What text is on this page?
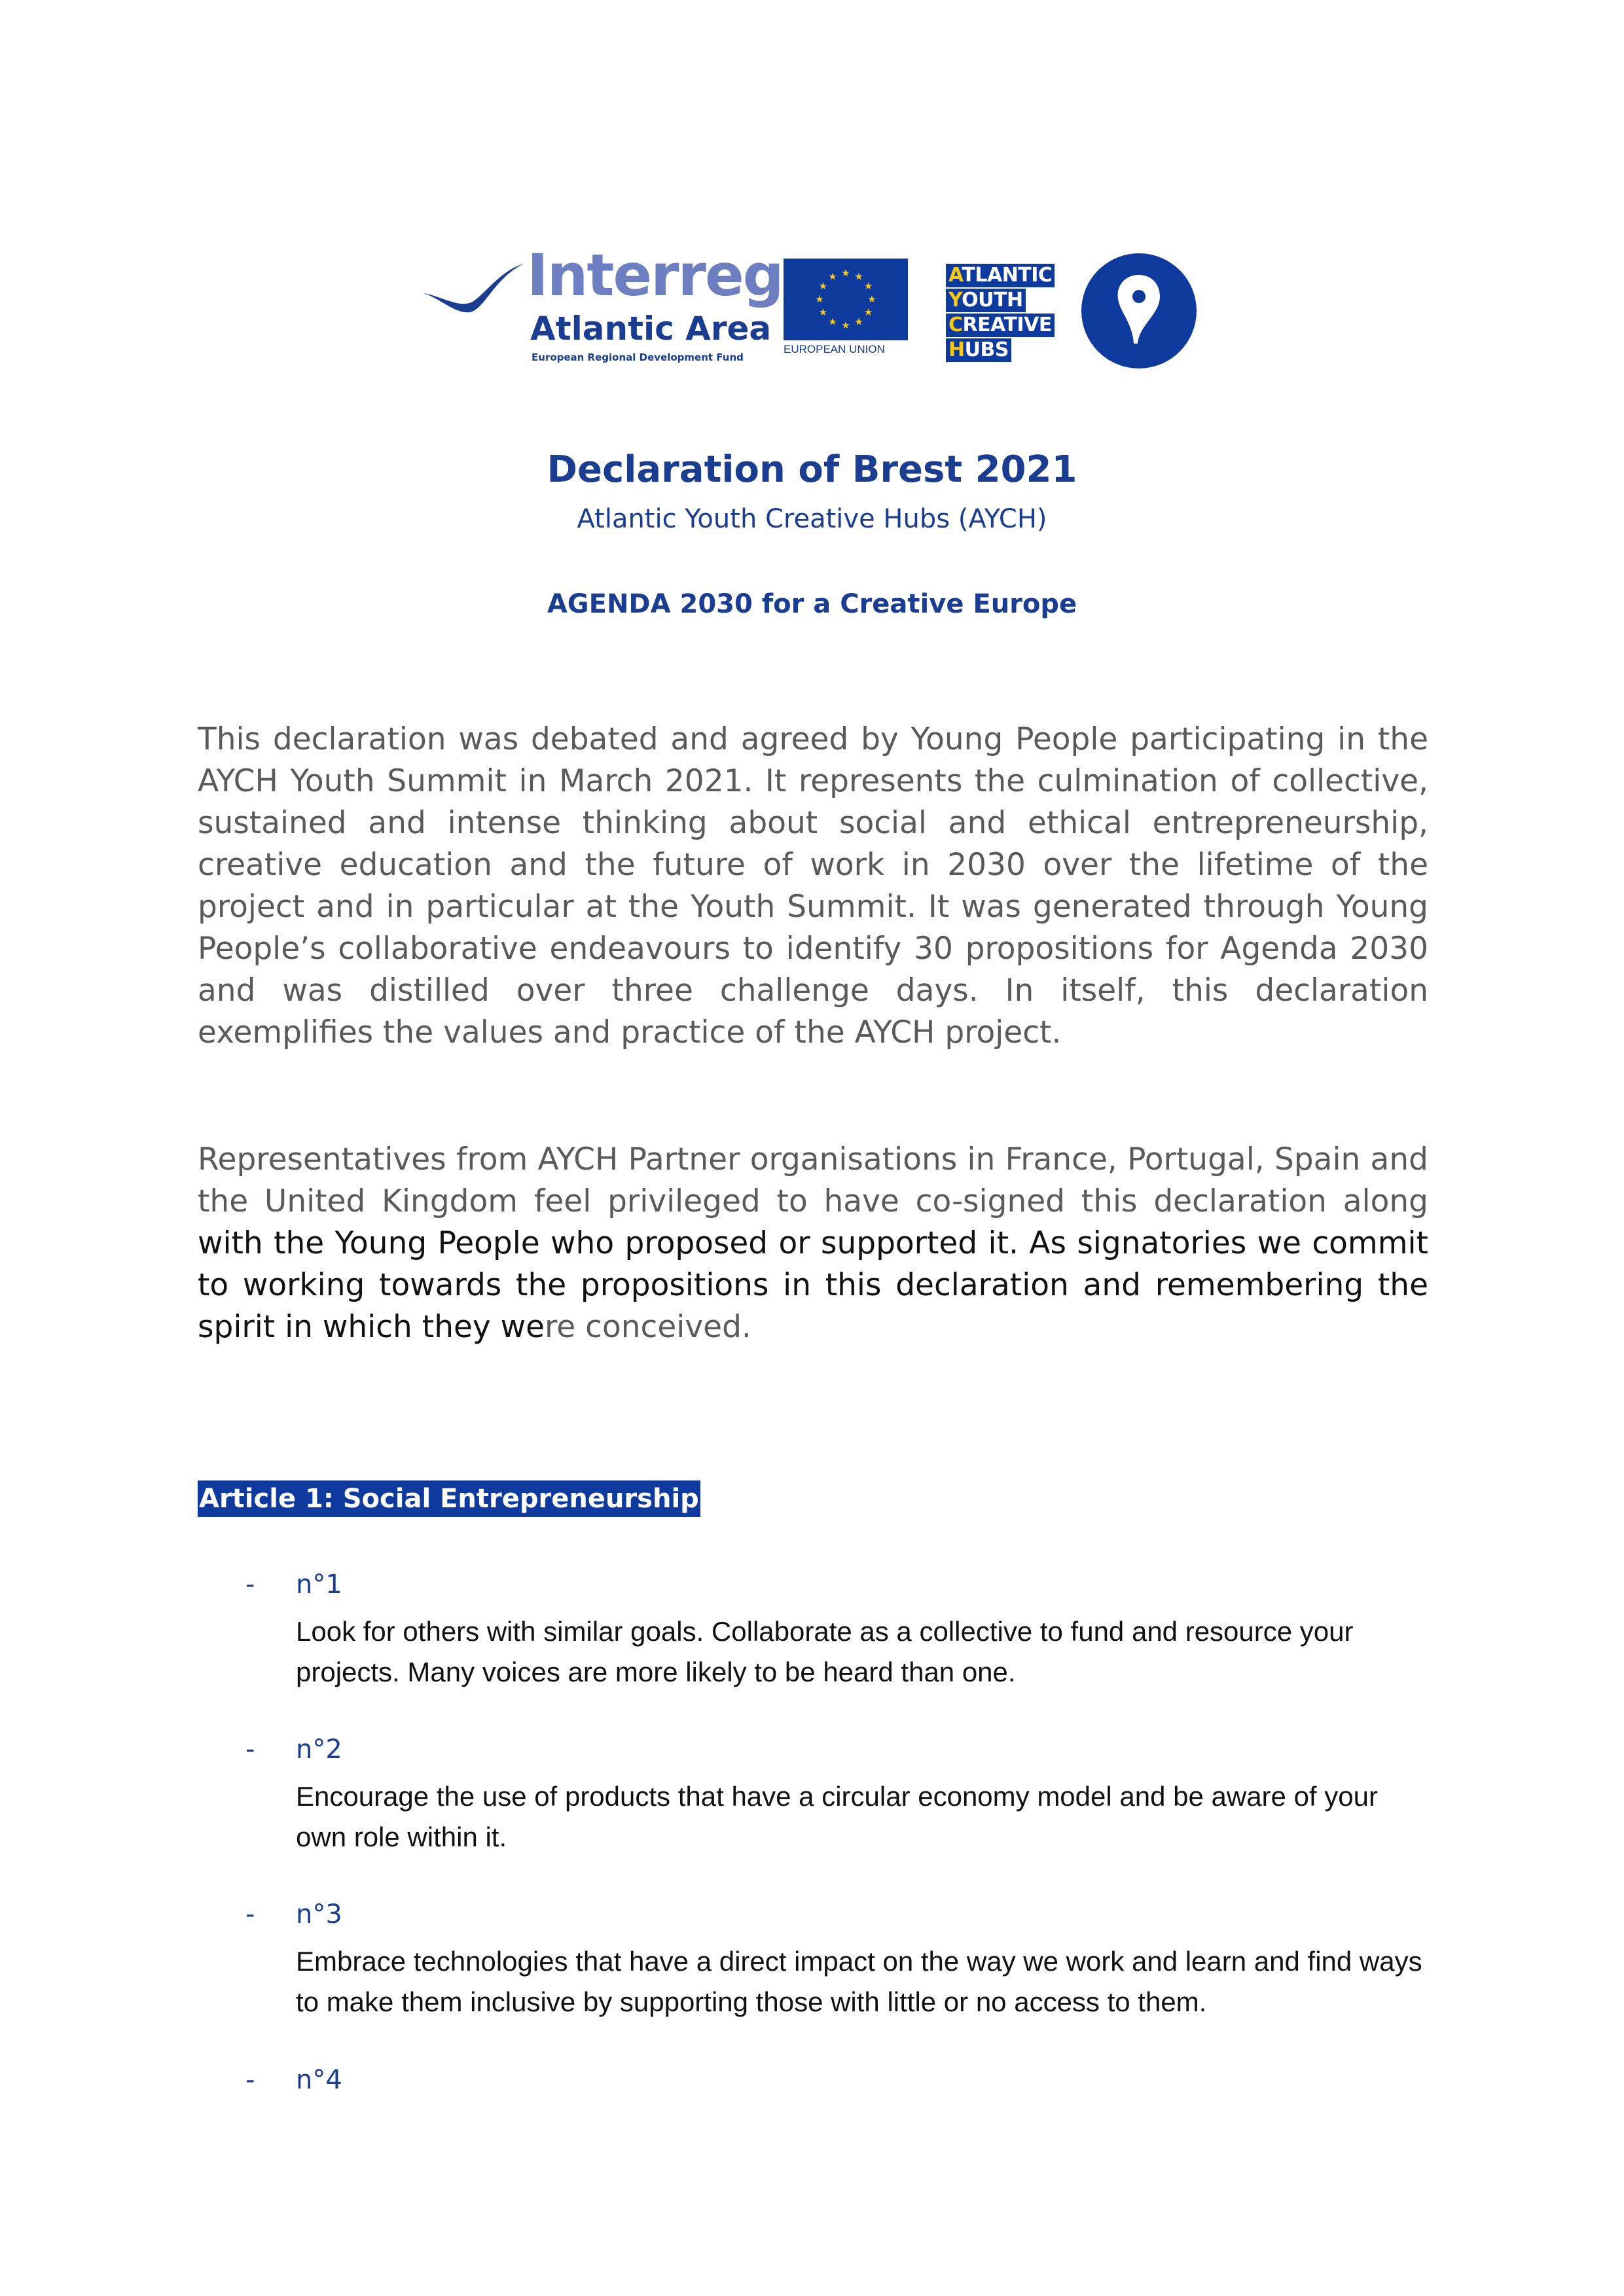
Interreg
Atlantic Area
European Regional Development Fund
★ ★
★
★
★
★
★
★
★
★
★
★
EUROPEAN UNION
ATLANTIC
YOUTH
CREATIVE
HUBS
Declaration of Brest 2021
Atlantic Youth Creative Hubs (AYCH)
AGENDA 2030 for a Creative Europe
This declaration was debated and agreed by Young People participating in the AYCH Youth Summit in March 2021. It represents the culmination of collective, sustained and intense thinking about social and ethical entrepreneurship, creative education and the future of work in 2030 over the lifetime of the project and in particular at the Youth Summit. It was generated through Young People’s collaborative endeavours to identify 30 propositions for Agenda 2030 and was distilled over three challenge days. In itself, this declaration exemplifies the values and practice of the AYCH project.
Representatives from AYCH Partner organisations in France, Portugal, Spain and the United Kingdom feel privileged to have co-signed this declaration along with the Young People who proposed or supported it. As signatories we commit to working towards the propositions in this declaration and remembering the spirit in which they were conceived.
Article 1: Social Entrepreneurship
- n°1
Look for others with similar goals. Collaborate as a collective to fund and resource your projects. Many voices are more likely to be heard than one.
- n°2
Encourage the use of products that have a circular economy model and be aware of your own role within it.
- n°3
Embrace technologies that have a direct impact on the way we work and learn and find ways to make them inclusive by supporting those with little or no access to them.
- n°4
